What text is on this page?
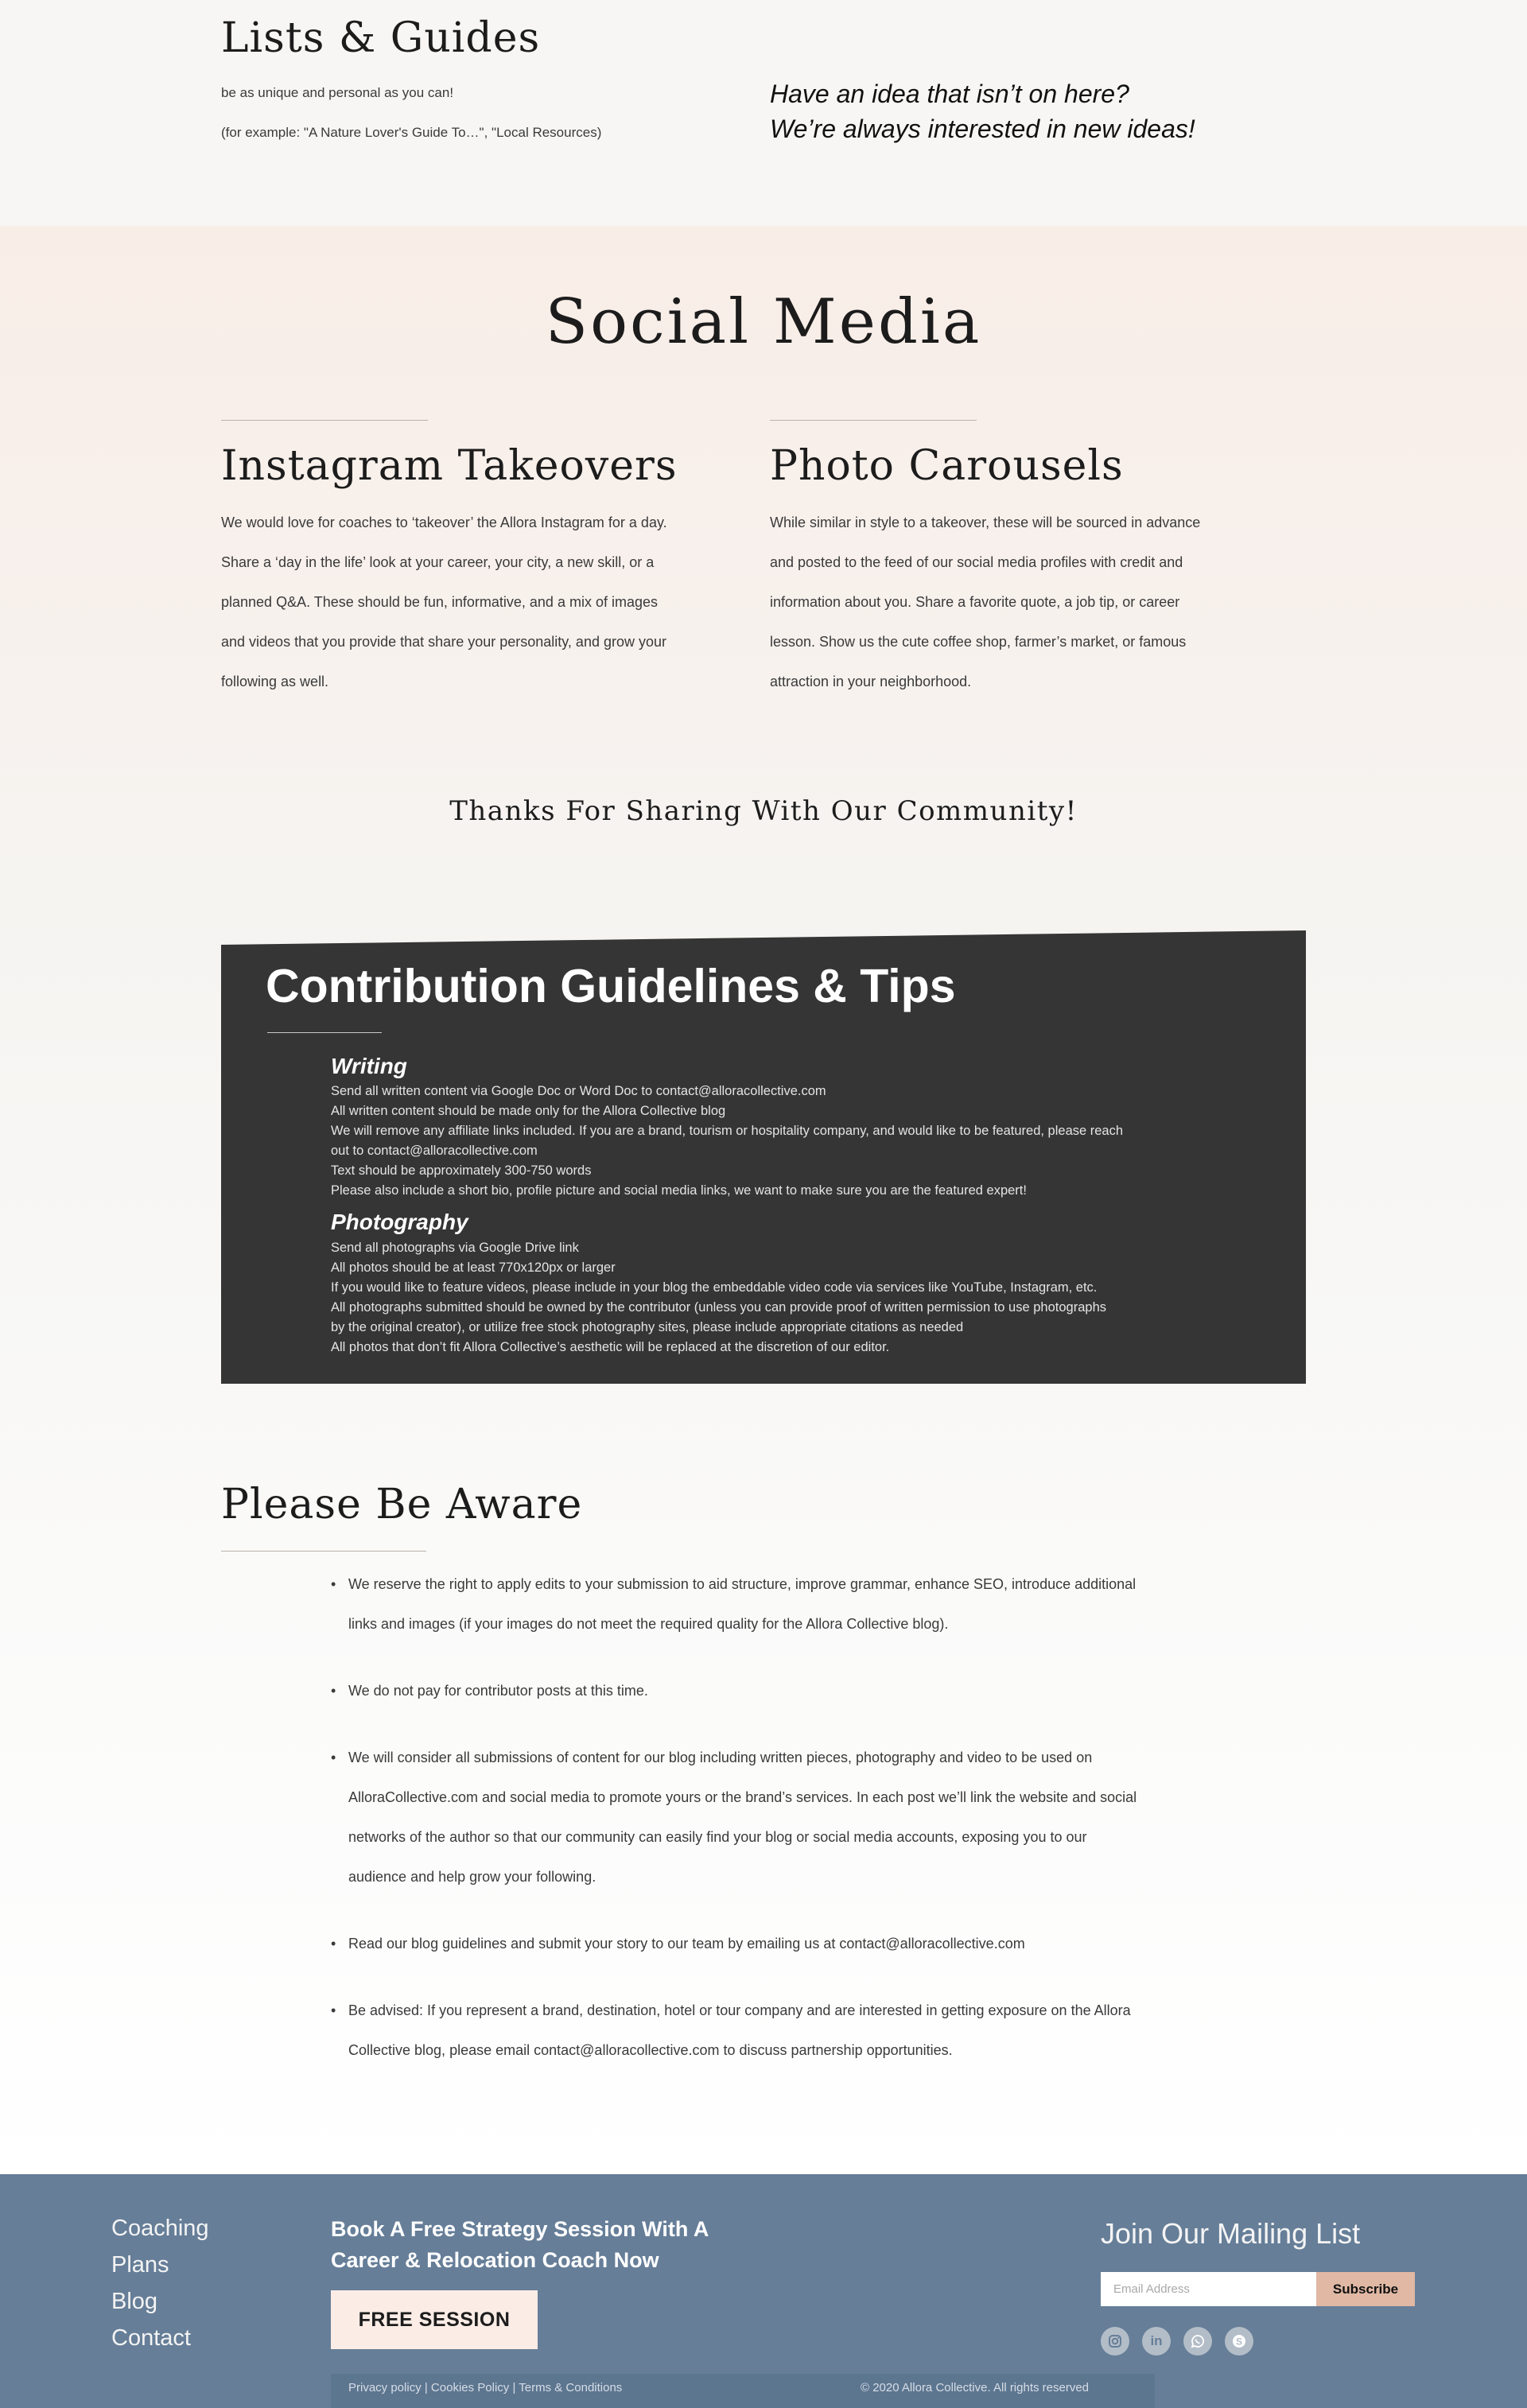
Lists & Guides
be as unique and personal as you can!
(for example: "A Nature Lover's Guide To…", "Local Resources)
Have an idea that isn’t on here?
We’re always interested in new ideas!
Social Media
Instagram Takeovers
We would love for coaches to ‘takeover’ the Allora Instagram for a day.
Share a ‘day in the life’ look at your career, your city, a new skill, or a
planned Q&A. These should be fun, informative, and a mix of images
and videos that you provide that share your personality, and grow your
following as well.
Photo Carousels
While similar in style to a takeover, these will be sourced in advance
and posted to the feed of our social media profiles with credit and
information about you. Share a favorite quote, a job tip, or career
lesson. Show us the cute coffee shop, farmer’s market, or famous
attraction in your neighborhood.
Thanks For Sharing With Our Community!
Contribution Guidelines & Tips
Writing
Send all written content via Google Doc or Word Doc to contact@alloracollective.com
All written content should be made only for the Allora Collective blog
We will remove any affiliate links included. If you are a brand, tourism or hospitality company, and would like to be featured, please reach
out to contact@alloracollective.com
Text should be approximately 300-750 words
Please also include a short bio, profile picture and social media links, we want to make sure you are the featured expert!
Photography
Send all photographs via Google Drive link
All photos should be at least 770x120px or larger
If you would like to feature videos, please include in your blog the embeddable video code via services like YouTube, Instagram, etc.
All photographs submitted should be owned by the contributor (unless you can provide proof of written permission to use photographs
by the original creator), or utilize free stock photography sites, please include appropriate citations as needed
All photos that don’t fit Allora Collective’s aesthetic will be replaced at the discretion of our editor.
Please Be Aware
• We reserve the right to apply edits to your submission to aid structure, improve grammar, enhance SEO, introduce additional
links and images (if your images do not meet the required quality for the Allora Collective blog).
• We do not pay for contributor posts at this time.
• We will consider all submissions of content for our blog including written pieces, photography and video to be used on
AlloraCollective.com and social media to promote yours or the brand’s services. In each post we’ll link the website and social
networks of the author so that our community can easily find your blog or social media accounts, exposing you to our
audience and help grow your following.
• Read our blog guidelines and submit your story to our team by emailing us at contact@alloracollective.com
• Be advised: If you represent a brand, destination, hotel or tour company and are interested in getting exposure on the Allora
Collective blog, please email contact@alloracollective.com to discuss partnership opportunities.
Coaching
Plans
Blog
Contact
Book A Free Strategy Session With A
Career & Relocation Coach Now
FREE SESSION
Join Our Mailing List
Email Address
Subscribe
in	S
Privacy policy | Cookies Policy | Terms & Conditions	© 2020 Allora Collective. All rights reserved
